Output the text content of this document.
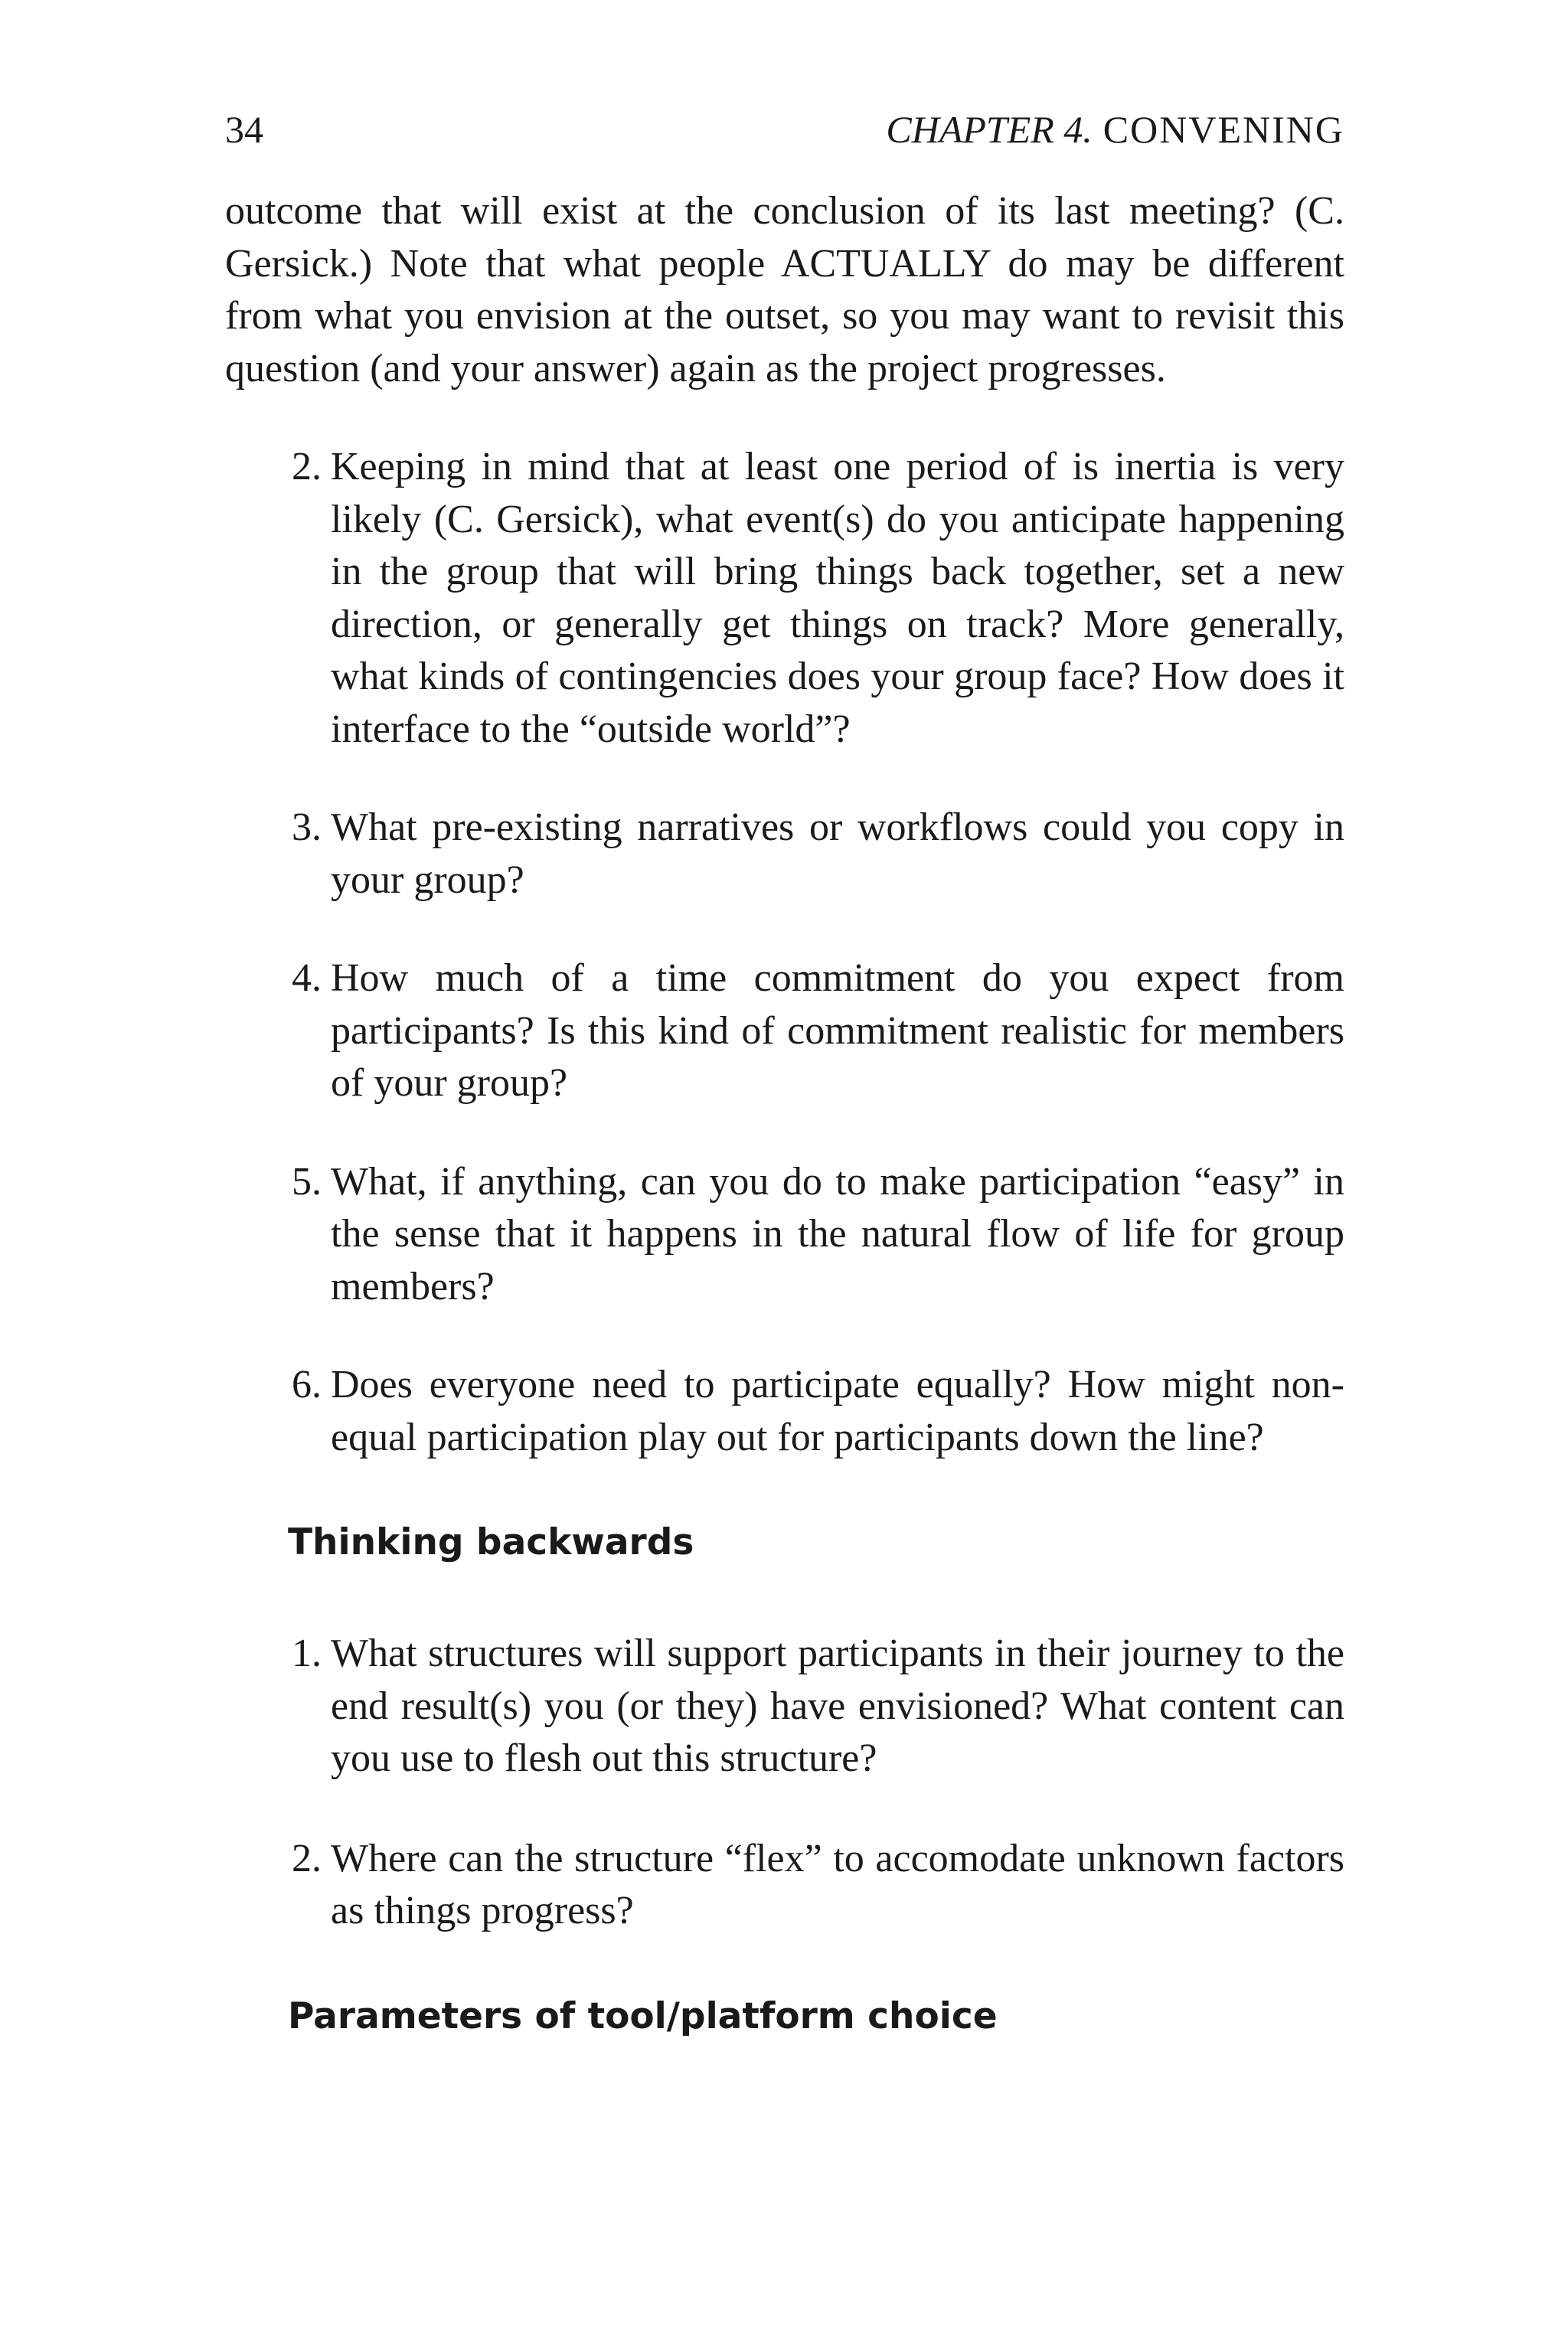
34	CHAPTER 4. CONVENING

outcome that will exist at the conclusion of its last meeting? (C. Gersick.) Note that what people ACTUALLY do may be different from what you envision at the outset, so you may want to revisit this question (and your answer) again as the project progresses.

2. Keeping in mind that at least one period of is inertia is very likely (C. Gersick), what event(s) do you anticipate happening in the group that will bring things back together, set a new direction, or generally get things on track? More generally, what kinds of contingencies does your group face? How does it interface to the “outside world”?
3. What pre-existing narratives or workflows could you copy in your group?
4. How much of a time commitment do you expect from participants? Is this kind of commitment realistic for members of your group?
5. What, if anything, can you do to make participation “easy” in the sense that it happens in the natural flow of life for group members?
6. Does everyone need to participate equally? How might non-equal participation play out for participants down the line?
Thinking backwards
1. What structures will support participants in their journey to the end result(s) you (or they) have envisioned? What content can you use to flesh out this structure?
2. Where can the structure “flex” to accomodate unknown factors as things progress?
Parameters of tool/platform choice
